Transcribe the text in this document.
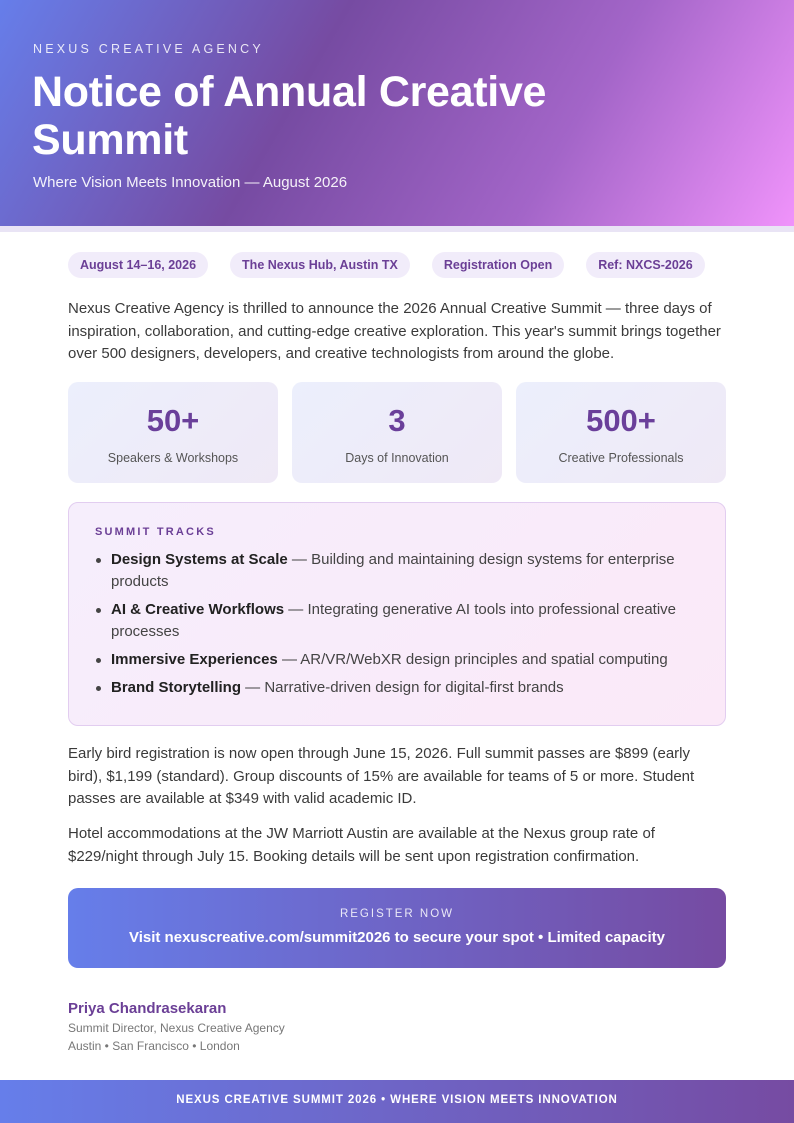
NEXUS CREATIVE AGENCY
Notice of Annual Creative Summit
Where Vision Meets Innovation — August 2026
August 14–16, 2026	The Nexus Hub, Austin TX	Registration Open	Ref: NXCS-2026

Nexus Creative Agency is thrilled to announce the 2026 Annual Creative Summit — three days of inspiration, collaboration, and cutting-edge creative exploration. This year's summit brings together over 500 designers, developers, and creative technologists from around the globe.

50+
Speakers & Workshops
3
Days of Innovation
500+
Creative Professionals
SUMMIT TRACKS
Design Systems at Scale — Building and maintaining design systems for enterprise products
AI & Creative Workflows — Integrating generative AI tools into professional creative processes
Immersive Experiences — AR/VR/WebXR design principles and spatial computing
Brand Storytelling — Narrative-driven design for digital-first brands

Early bird registration is now open through June 15, 2026. Full summit passes are $899 (early bird), $1,199 (standard). Group discounts of 15% are available for teams of 5 or more. Student passes are available at $349 with valid academic ID.

Hotel accommodations at the JW Marriott Austin are available at the Nexus group rate of $229/night through July 15. Booking details will be sent upon registration confirmation.

REGISTER NOW
Visit nexuscreative.com/summit2026 to secure your spot • Limited capacity
Priya Chandrasekaran
Summit Director, Nexus Creative Agency
Austin • San Francisco • London
NEXUS CREATIVE SUMMIT 2026 • WHERE VISION MEETS INNOVATION
